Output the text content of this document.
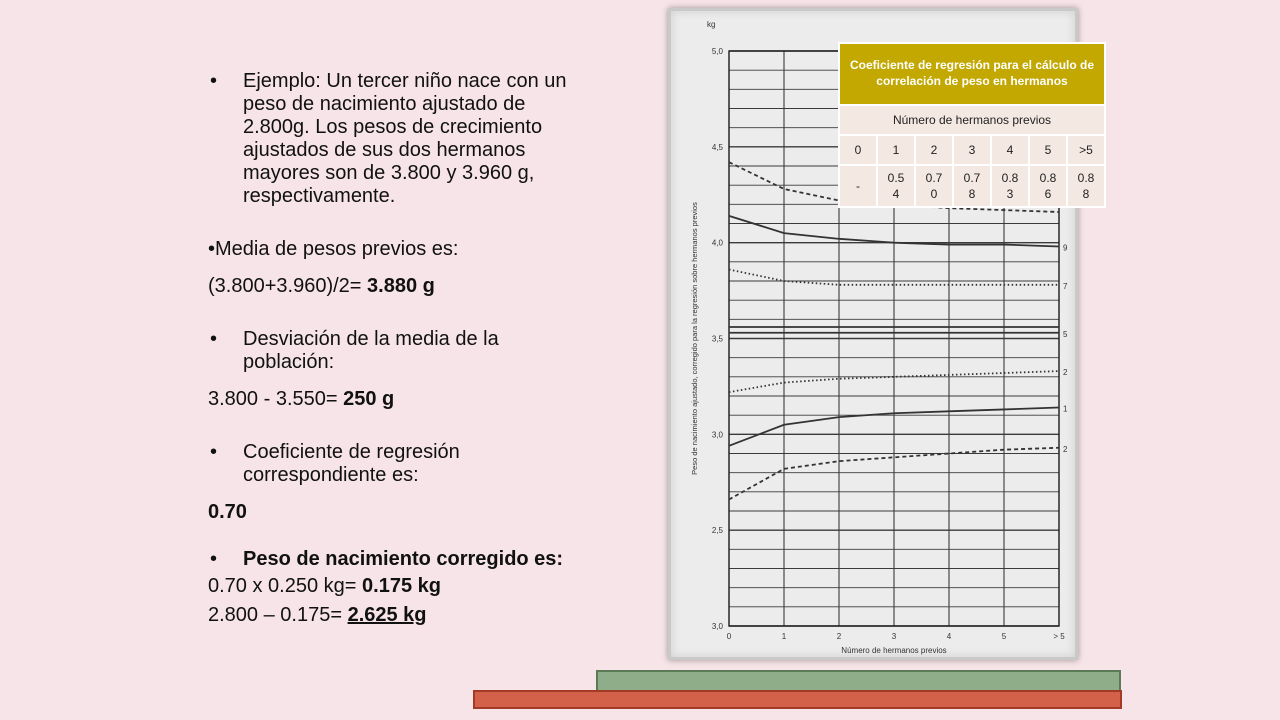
• Ejemplo: Un tercer niño nace con un
peso de nacimiento ajustado de
2.800g. Los pesos de crecimiento
ajustados de sus dos hermanos
mayores son de 3.800 y 3.960 g,
respectivamente.
•Media de pesos previos es:
(3.800+3.960)/2= 3.880 g
• Desviación de la media de la
población:
3.800 - 3.550= 250 g
• Coeficiente de regresión
correspondiente es:
0.70
• Peso de nacimiento corregido es:
0.70 x 0.250 kg= 0.175 kg
2.800 – 0.175= 2.625 kg
5,0
4,5
4,0
3,5
3,0
2,5
3,0
kg
0	1	2	3	4	5	> 5
Número de hermanos previos
Peso de nacimiento ajustado, corregido para la regresión sobre hermanos previos	9
7
5
2
1
2
Coeficiente de regresión para el cálculo de correlación de peso en hermanos						
Número de hermanos previos						
0	1	2	3	4	5	>5

-	0.54	0.70	0.78	0.83	0.86	0.88
